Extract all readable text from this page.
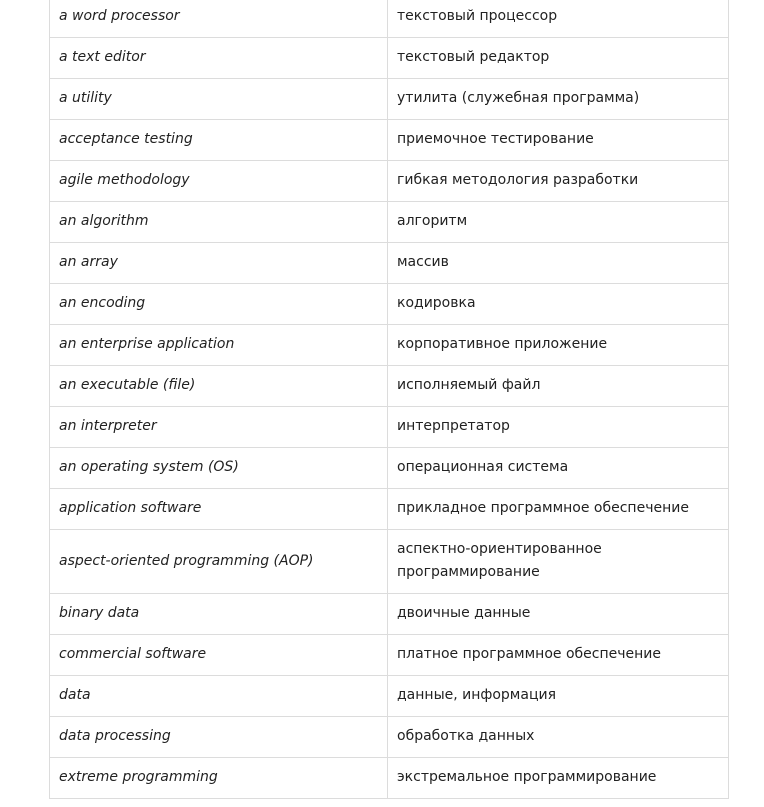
a word processor	текстовый процессор
a text editor	текстовый редактор
a utility	утилита (служебная программа)
acceptance testing	приемочное тестирование
agile methodology	гибкая методология разработки
an algorithm	алгоритм
an array	массив
an encoding	кодировка
an enterprise application	корпоративное приложение
an executable (file)	исполняемый файл
an interpreter	интерпретатор
an operating system (OS)	операционная система
application software	прикладное программное обеспечение
aspect-oriented programming (AOP)	аспектно-ориентированное программирование
binary data	двоичные данные
commercial software	платное программное обеспечение
data	данные, информация
data processing	обработка данных
extreme programming	экстремальное программирование
